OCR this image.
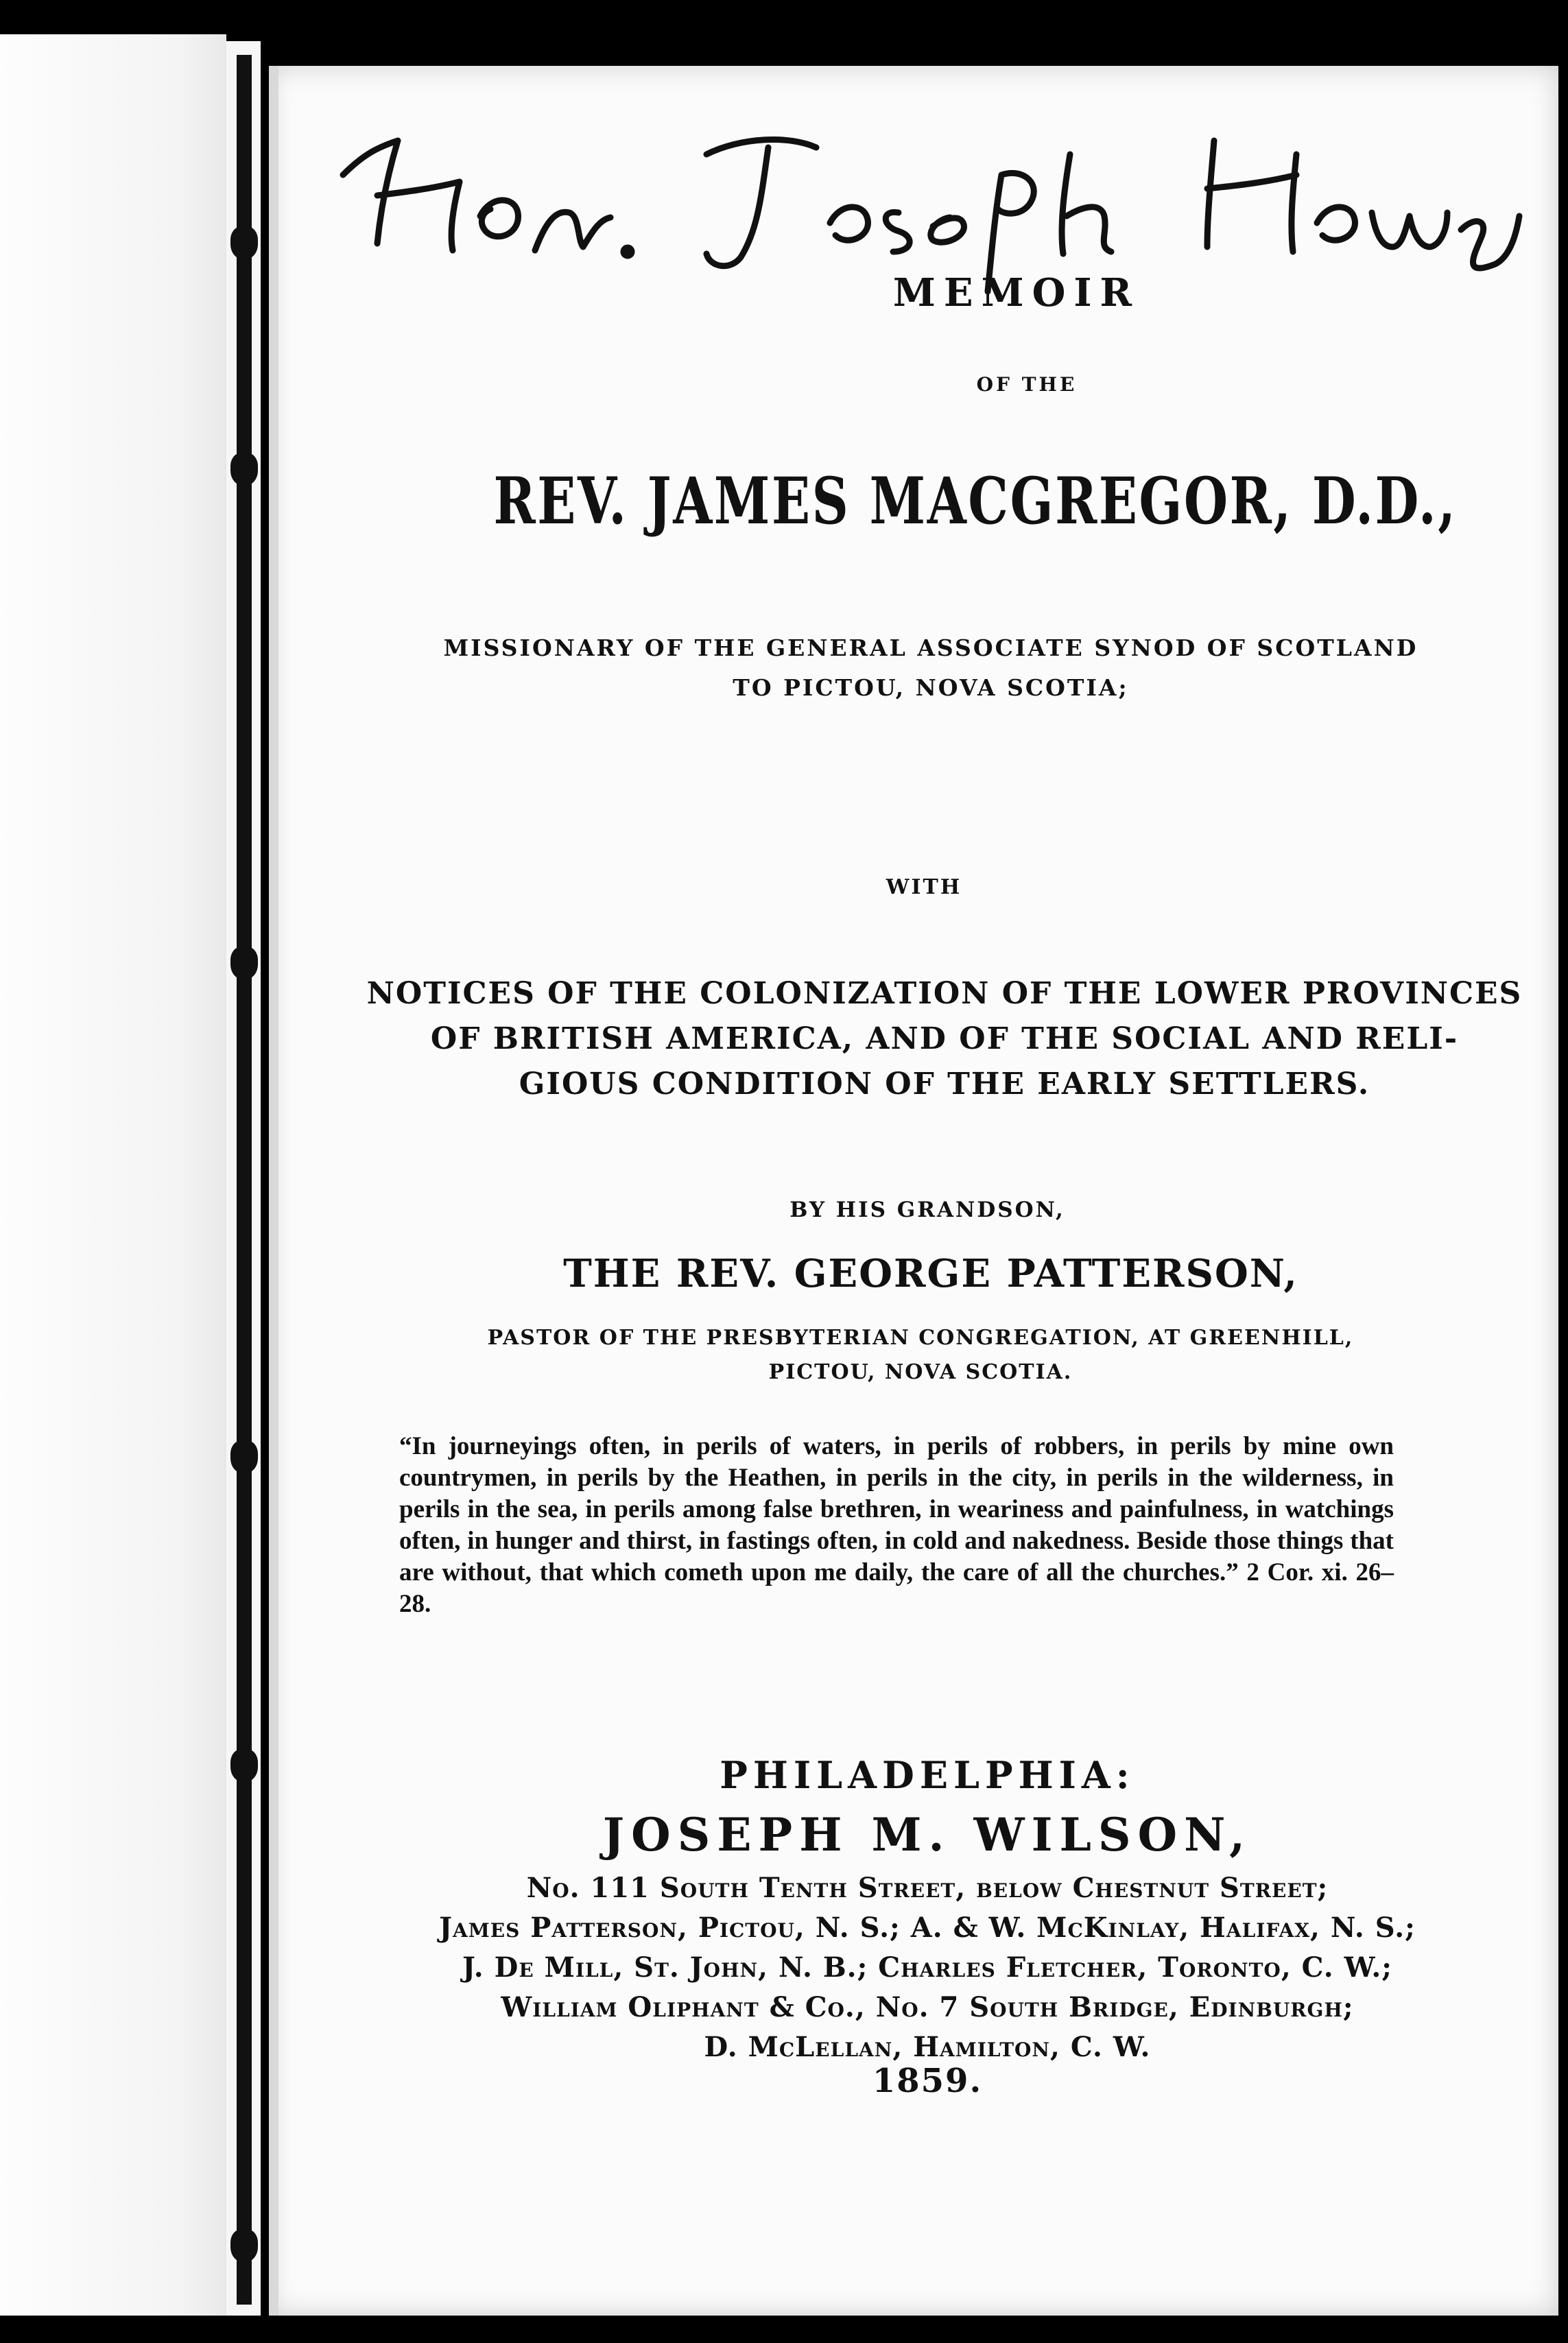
MEMOIR
OF THE
REV. JAMES MACGREGOR, D.D.,
MISSIONARY OF THE GENERAL ASSOCIATE SYNOD OF SCOTLAND
TO PICTOU, NOVA SCOTIA;
WITH
NOTICES OF THE COLONIZATION OF THE LOWER PROVINCES
OF BRITISH AMERICA, AND OF THE SOCIAL AND RELI-
GIOUS CONDITION OF THE EARLY SETTLERS.
BY HIS GRANDSON,
THE REV. GEORGE PATTERSON,
PASTOR OF THE PRESBYTERIAN CONGREGATION, AT GREENHILL,
PICTOU, NOVA SCOTIA.
“In journeyings often, in perils of waters, in perils of robbers, in perils by mine own countrymen, in perils by the Heathen, in perils in the city, in perils in the wilderness, in perils in the sea, in perils among false brethren, in weariness and painfulness, in watchings often, in hunger and thirst, in fastings often, in cold and nakedness. Beside those things that are without, that which cometh upon me daily, the care of all the churches.” 2 Cor. xi. 26–28.
PHILADELPHIA:
JOSEPH M. WILSON,
No. 111 South Tenth Street, below Chestnut Street;
James Patterson, Pictou, N. S.; A. & W. McKinlay, Halifax, N. S.;
J. De Mill, St. John, N. B.; Charles Fletcher, Toronto, C. W.;
William Oliphant & Co., No. 7 South Bridge, Edinburgh;
D. McLellan, Hamilton, C. W.
1859.
